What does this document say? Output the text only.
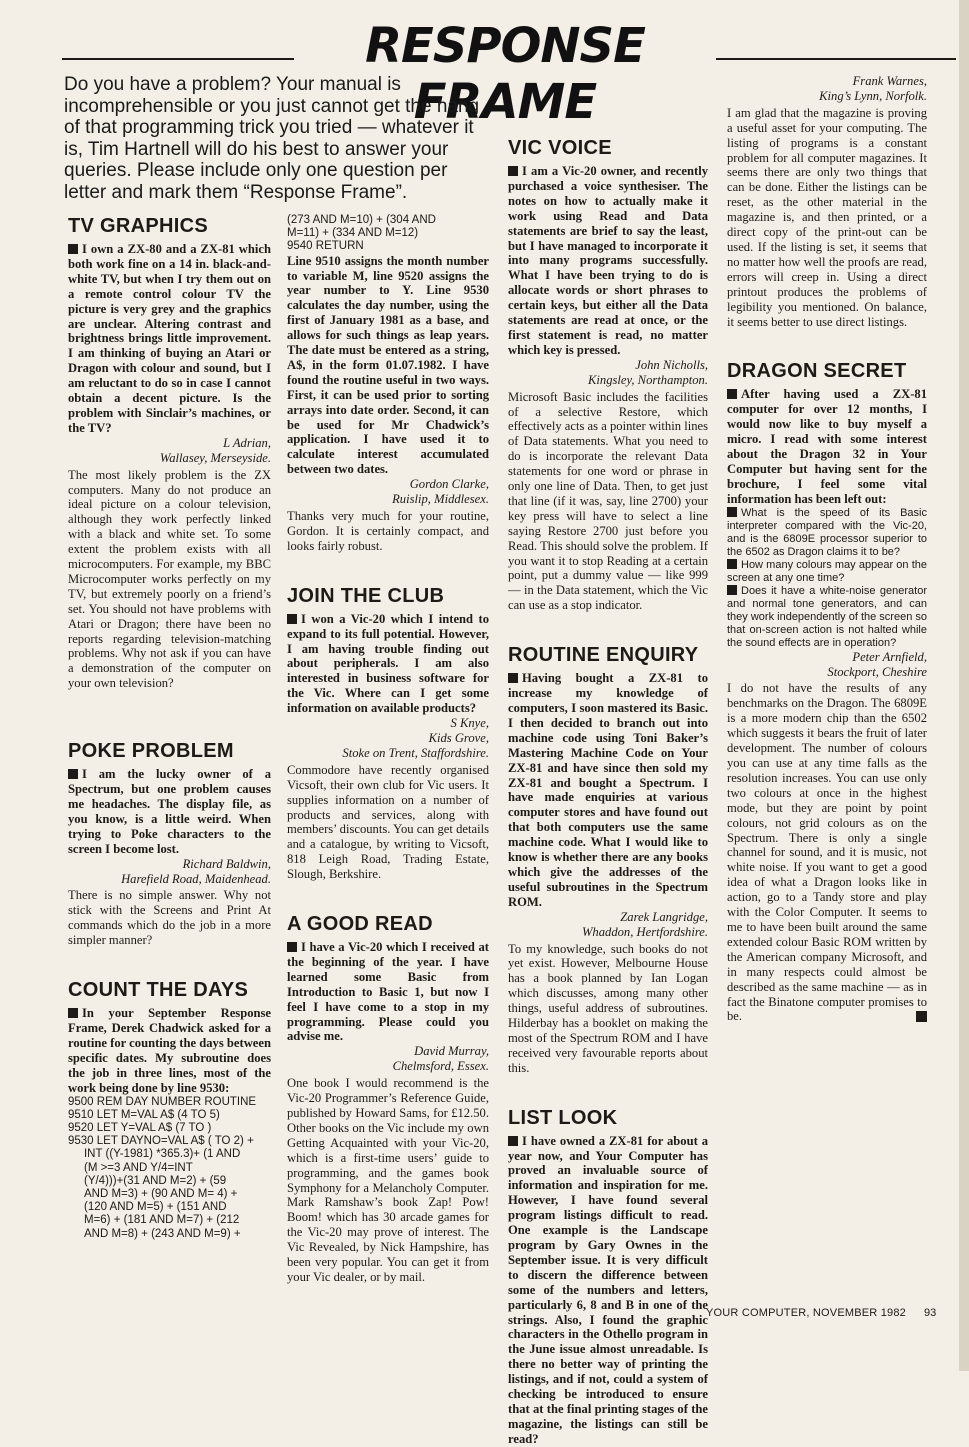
RESPONSE FRAME
Do you have a problem? Your manual is incomprehensible or you just cannot get the hang of that programming trick you tried — whatever it is, Tim Hartnell will do his best to answer your queries. Please include only one question per letter and mark them “Response Frame”.
TV GRAPHICS

I own a ZX-80 and a ZX-81 which both work fine on a 14 in. black-and-white TV, but when I try them out on a remote control colour TV the picture is very grey and the graphics are unclear. Altering contrast and brightness brings little improvement. I am thinking of buying an Atari or Dragon with colour and sound, but I am reluctant to do so in case I cannot obtain a decent picture. Is the problem with Sinclair’s machines, or the TV?

L Adrian,

Wallasey, Merseyside.

The most likely problem is the ZX computers. Many do not produce an ideal picture on a colour television, although they work perfectly linked with a black and white set. To some extent the problem exists with all microcomputers. For example, my BBC Microcomputer works perfectly on my TV, but extremely poorly on a friend’s set. You should not have problems with Atari or Dragon; there have been no reports regarding television-matching problems. Why not ask if you can have a demonstration of the computer on your own television?

POKE PROBLEM

I am the lucky owner of a Spectrum, but one problem causes me headaches. The display file, as you know, is a little weird. When trying to Poke characters to the screen I become lost.

Richard Baldwin,

Harefield Road, Maidenhead.

There is no simple answer. Why not stick with the Screens and Print At commands which do the job in a more simpler manner?

COUNT THE DAYS

In your September Response Frame, Derek Chadwick asked for a routine for counting the days between specific dates. My subroutine does the job in three lines, most of the work being done by line 9530:

9500 REM DAY NUMBER ROUTINE
9510 LET M=VAL A$ (4 TO 5)
9520 LET Y=VAL A$ (7 TO )
9530 LET DAYNO=VAL A$ ( TO 2) +
INT ((Y-1981) *365.3)+ (1 AND
(M >=3 AND Y/4=INT
(Y/4)))+(31 AND M=2) + (59
AND M=3) + (90 AND M= 4) +
(120 AND M=5) + (151 AND
M=6) + (181 AND M=7) + (212
AND M=8) + (243 AND M=9) +

(273 AND M=10) + (304 AND
M=11) + (334 AND M=12)
9540 RETURN

Line 9510 assigns the month number to variable M, line 9520 assigns the year number to Y. Line 9530 calculates the day number, using the first of January 1981 as a base, and allows for such things as leap years. The date must be entered as a string, A$, in the form 01.07.1982. I have found the routine useful in two ways. First, it can be used prior to sorting arrays into date order. Second, it can be used for Mr Chadwick’s application. I have used it to calculate interest accumulated between two dates.

Gordon Clarke,

Ruislip, Middlesex.

Thanks very much for your routine, Gordon. It is certainly compact, and looks fairly robust.

JOIN THE CLUB

I won a Vic-20 which I intend to expand to its full potential. However, I am having trouble finding out about peripherals. I am also interested in business software for the Vic. Where can I get some information on available products?

S Knye,

Kids Grove,

Stoke on Trent, Staffordshire.

Commodore have recently organised Vicsoft, their own club for Vic users. It supplies information on a number of products and services, along with members’ discounts. You can get details and a catalogue, by writing to Vicsoft, 818 Leigh Road, Trading Estate, Slough, Berkshire.

A GOOD READ

I have a Vic-20 which I received at the beginning of the year. I have learned some Basic from Introduction to Basic 1, but now I feel I have come to a stop in my programming. Please could you advise me.

David Murray,

Chelmsford, Essex.

One book I would recommend is the Vic-20 Programmer’s Reference Guide, published by Howard Sams, for £12.50. Other books on the Vic include my own Getting Acquainted with your Vic-20, which is a first-time users’ guide to programming, and the games book Symphony for a Melancholy Computer. Mark Ramshaw’s book Zap! Pow! Boom! which has 30 arcade games for the Vic-20 may prove of interest. The Vic Revealed, by Nick Hampshire, has been very popular. You can get it from your Vic dealer, or by mail.

VIC VOICE

I am a Vic-20 owner, and recently purchased a voice synthesiser. The notes on how to actually make it work using Read and Data statements are brief to say the least, but I have managed to incorporate it into many programs successfully. What I have been trying to do is allocate words or short phrases to certain keys, but either all the Data statements are read at once, or the first statement is read, no matter which key is pressed.

John Nicholls,

Kingsley, Northampton.

Microsoft Basic includes the facilities of a selective Restore, which effectively acts as a pointer within lines of Data statements. What you need to do is incorporate the relevant Data statements for one word or phrase in only one line of Data. Then, to get just that line (if it was, say, line 2700) your key press will have to select a line saying Restore 2700 just before you Read. This should solve the problem. If you want it to stop Reading at a certain point, put a dummy value — like 999 — in the Data statement, which the Vic can use as a stop indicator.

ROUTINE ENQUIRY

Having bought a ZX-81 to increase my knowledge of computers, I soon mastered its Basic. I then decided to branch out into machine code using Toni Baker’s Mastering Machine Code on Your ZX-81 and have since then sold my ZX-81 and bought a Spectrum. I have made enquiries at various computer stores and have found out that both computers use the same machine code. What I would like to know is whether there are any books which give the addresses of the useful subroutines in the Spectrum ROM.

Zarek Langridge,

Whaddon, Hertfordshire.

To my knowledge, such books do not yet exist. However, Melbourne House has a book planned by Ian Logan which discusses, among many other things, useful address of subroutines. Hilderbay has a booklet on making the most of the Spectrum ROM and I have received very favourable reports about this.

LIST LOOK

I have owned a ZX-81 for about a year now, and Your Computer has proved an invaluable source of information and inspiration for me. However, I have found several program listings difficult to read. One example is the Landscape program by Gary Ownes in the September issue. It is very difficult to discern the difference between some of the numbers and letters, particularly 6, 8 and B in one of the strings. Also, I found the graphic characters in the Othello program in the June issue almost unreadable. Is there no better way of printing the listings, and if not, could a system of checking be introduced to ensure that at the final printing stages of the magazine, the listings can still be read?

Frank Warnes,

King’s Lynn, Norfolk.

I am glad that the magazine is proving a useful asset for your computing. The listing of programs is a constant problem for all computer magazines. It seems there are only two things that can be done. Either the listings can be reset, as the other material in the magazine is, and then printed, or a direct copy of the print-out can be used. If the listing is set, it seems that no matter how well the proofs are read, errors will creep in. Using a direct printout produces the problems of legibility you mentioned. On balance, it seems better to use direct listings.

DRAGON SECRET

After having used a ZX-81 computer for over 12 months, I would now like to buy myself a micro. I read with some interest about the Dragon 32 in Your Computer but having sent for the brochure, I feel some vital information has been left out:

What is the speed of its Basic interpreter compared with the Vic-20, and is the 6809E processor superior to the 6502 as Dragon claims it to be?

How many colours may appear on the screen at any one time?

Does it have a white-noise generator and normal tone generators, and can they work independently of the screen so that on-screen action is not halted while the sound effects are in operation?

Peter Arnfield,

Stockport, Cheshire

I do not have the results of any benchmarks on the Dragon. The 6809E is a more modern chip than the 6502 which suggests it bears the fruit of later development. The number of colours you can use at any time falls as the resolution increases. You can use only two colours at once in the highest mode, but they are point by point colours, not grid colours as on the Spectrum. There is only a single channel for sound, and it is music, not white noise. If you want to get a good idea of what a Dragon looks like in action, go to a Tandy store and play with the Color Computer. It seems to me to have been built around the same extended colour Basic ROM written by the American company Microsoft, and in many respects could almost be described as the same machine — as in fact the Binatone computer promises to be.

YOUR COMPUTER, NOVEMBER 1982 93
